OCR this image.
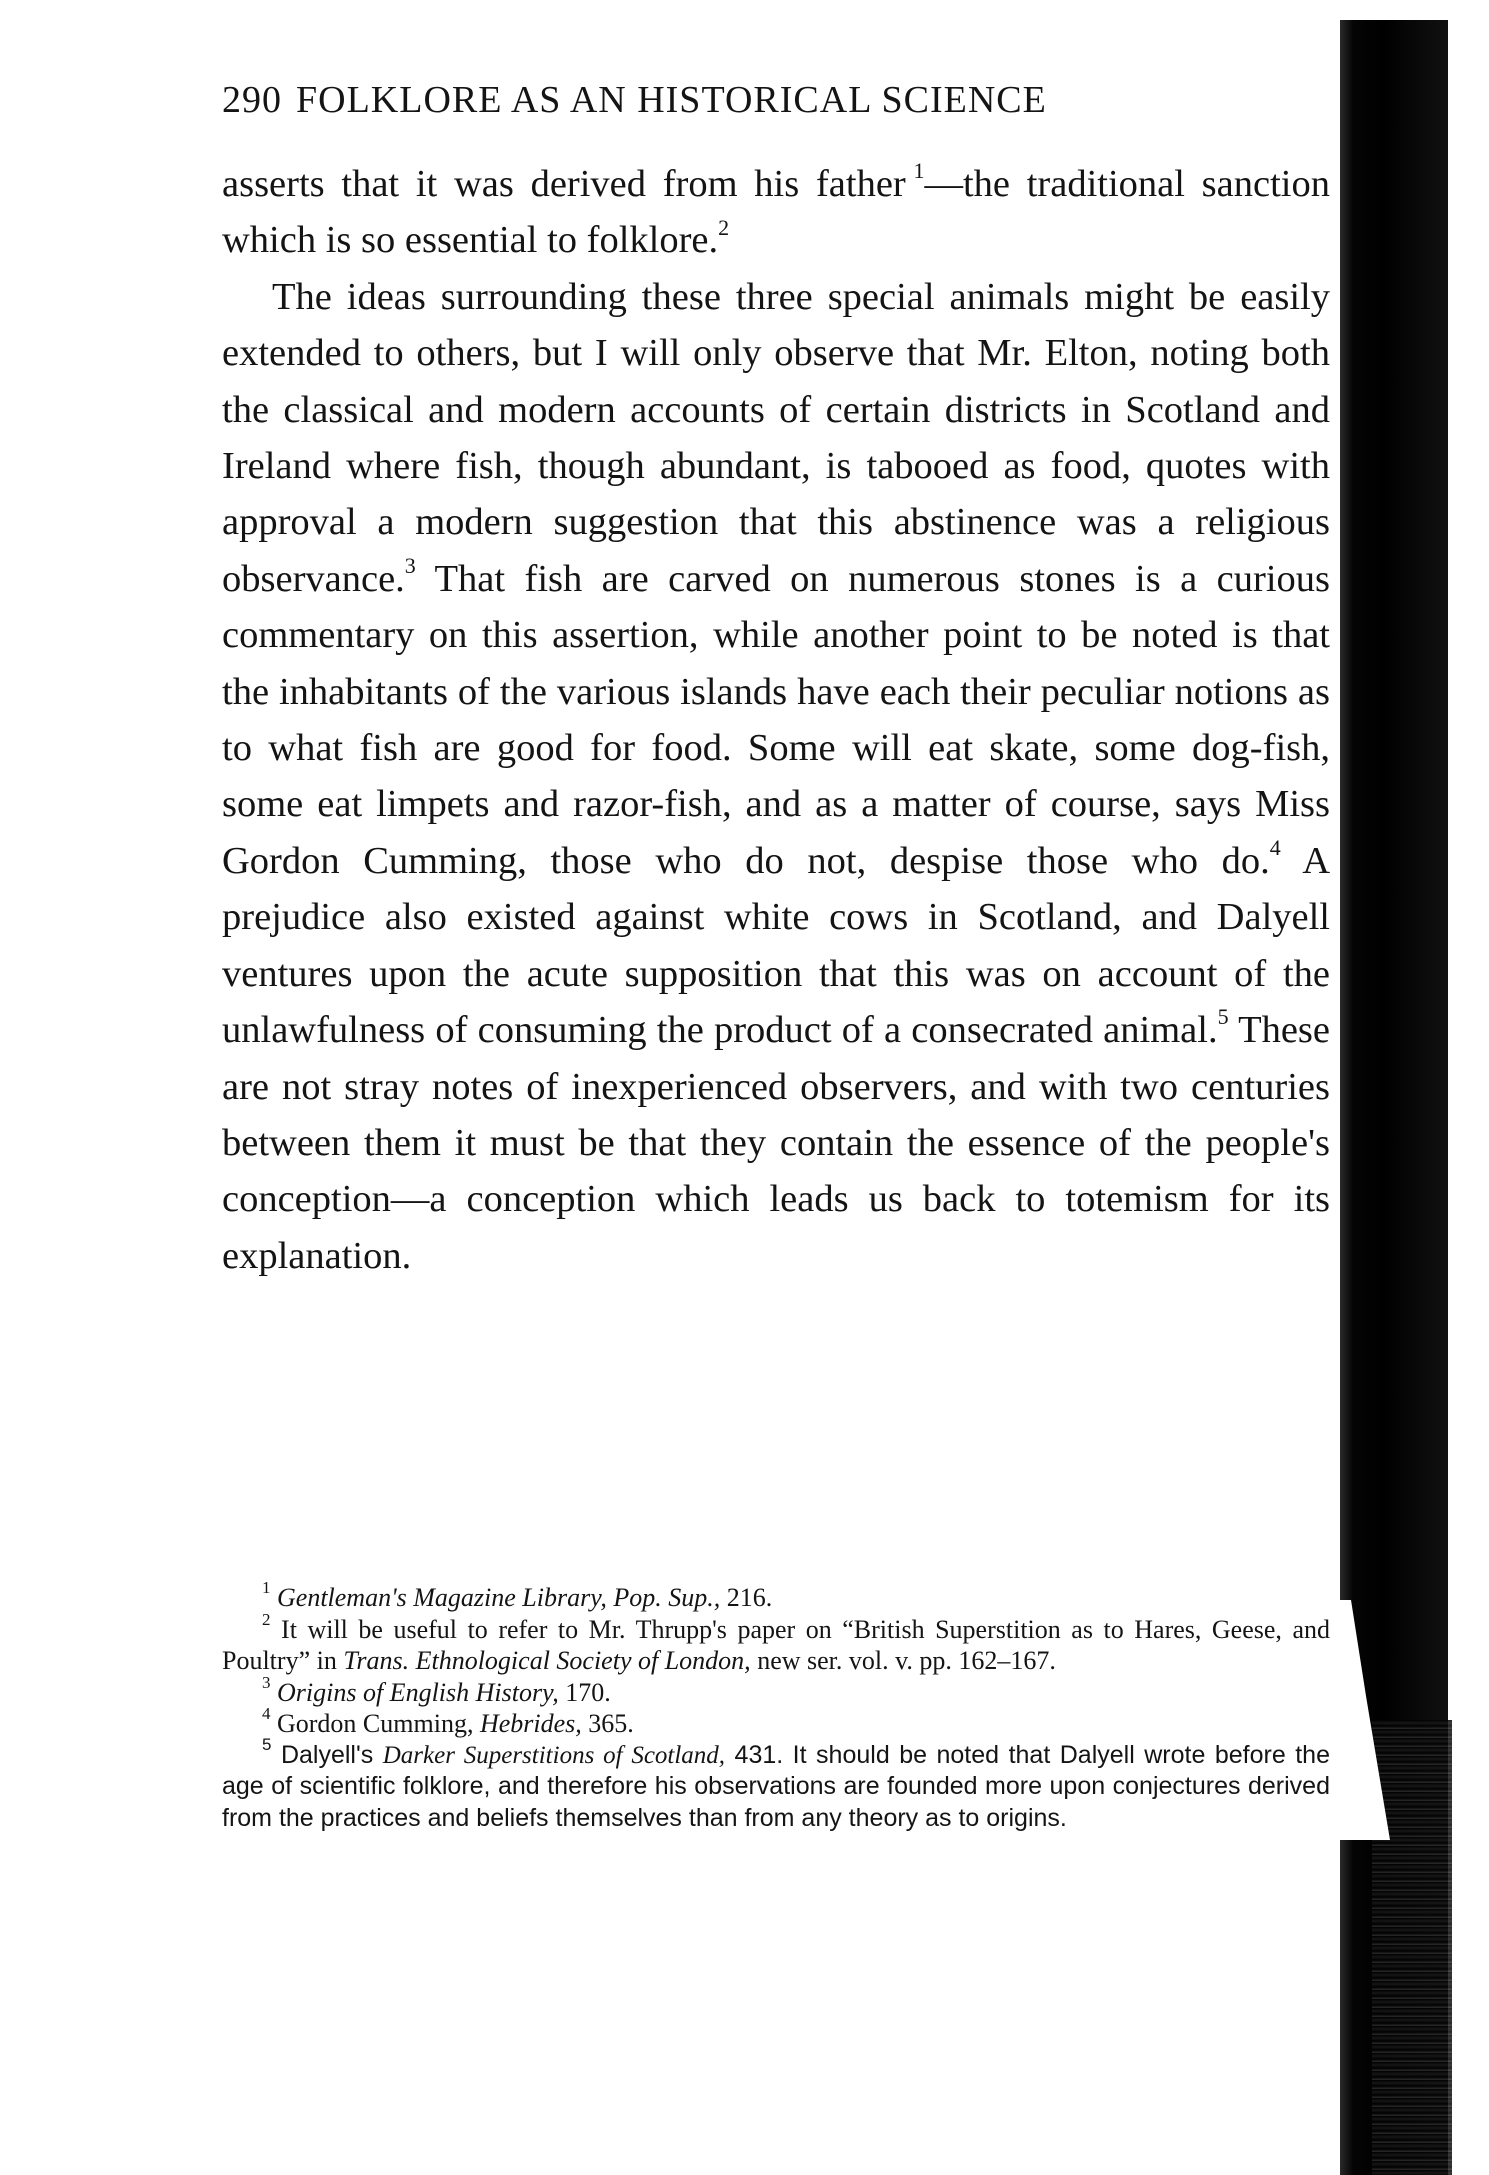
290 FOLKLORE AS AN HISTORICAL SCIENCE

asserts that it was derived from his father  $^1$—the traditional sanction which is so essential to folklore.$^2$

The ideas surrounding these three special animals might be easily extended to others, but I will only observe that Mr. Elton, noting both the classical and modern accounts of certain districts in Scotland and Ireland where fish, though abundant, is tabooed as food, quotes with approval a modern suggestion that this abstinence was a religious observance.$^3$ That fish are carved on numerous stones is a curious commentary on this assertion, while another point to be noted is that the inhabitants of the various islands have each their peculiar notions as to what fish are good for food. Some will eat skate, some dog-fish, some eat limpets and razor-fish, and as a matter of course, says Miss Gordon Cumming, those who do not, despise those who do.$^4$ A prejudice also existed against white cows in Scotland, and Dalyell ventures upon the acute supposition that this was on account of the unlawfulness of consuming the product of a consecrated animal.$^5$ These are not stray notes of inexperienced observers, and with two centuries between them it must be that they contain the essence of the people's conception—a conception which leads us back to totemism for its explanation.

$^1$ Gentleman's Magazine Library, Pop. Sup., 216.

$^2$ It will be useful to refer to Mr. Thrupp's paper on “British Superstition as to Hares, Geese, and Poultry” in Trans. Ethnological Society of London, new ser. vol. v. pp. 162–167.

$^3$ Origins of English History, 170.

$^4$ Gordon Cumming, Hebrides, 365.

$^5$ Dalyell's Darker Superstitions of Scotland, 431. It should be noted that Dalyell wrote before the age of scientific folklore, and therefore his observations are founded more upon conjectures derived from the practices and beliefs themselves than from any theory as to origins.
